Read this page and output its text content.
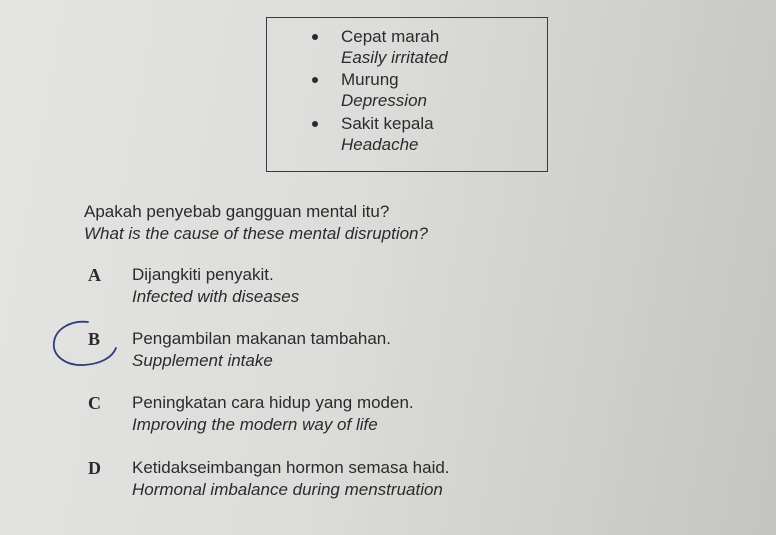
Cepat marah
Easily irritated
Murung
Depression
Sakit kepala
Headache
Apakah penyebab gangguan mental itu?
What is the cause of these mental disruption?
A	Dijangkiti penyakit.
Infected with diseases
B	Pengambilan makanan tambahan.
Supplement intake
C	Peningkatan cara hidup yang moden.
Improving the modern way of life
D	Ketidakseimbangan hormon semasa haid.
Hormonal imbalance during menstruation
